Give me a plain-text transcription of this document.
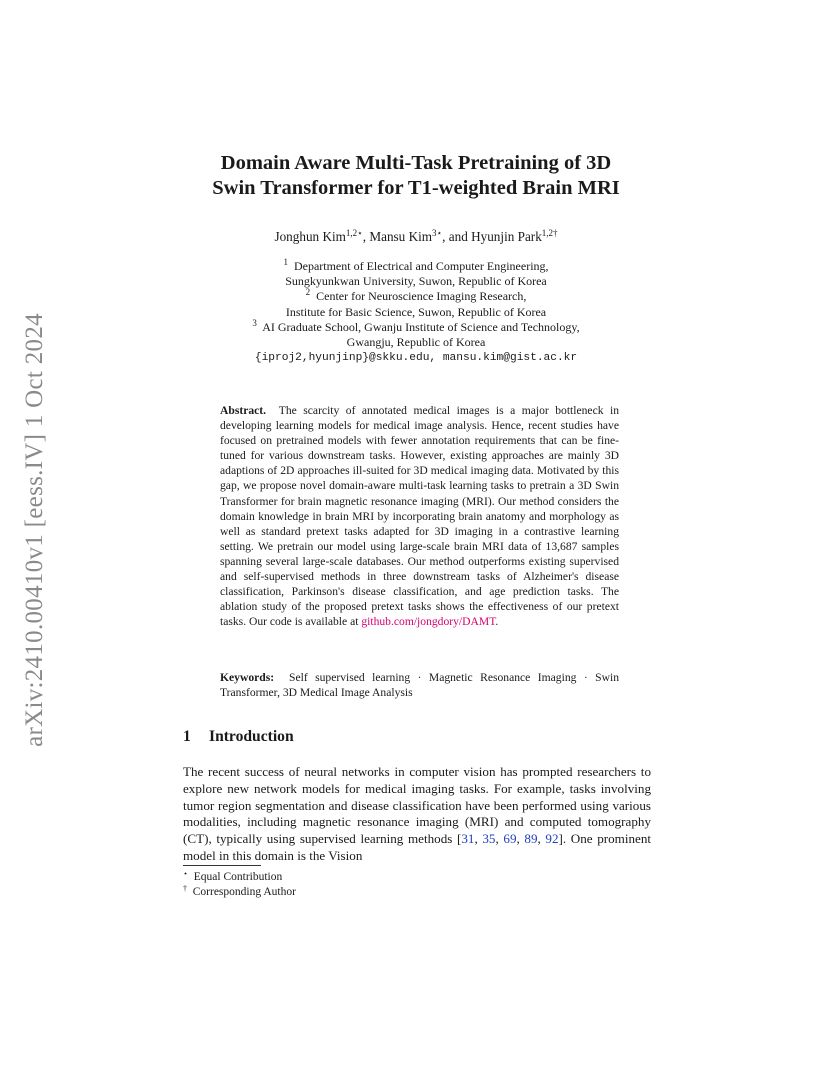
arXiv:2410.00410v1 [eess.IV] 1 Oct 2024
Domain Aware Multi-Task Pretraining of 3D
Swin Transformer for T1-weighted Brain MRI
Jonghun Kim$^{1,2⋆}$, Mansu Kim$^{3⋆}$, and Hyunjin Park$^{1,2\dagger}$
$^1$ Department of Electrical and Computer Engineering,
Sungkyunkwan University, Suwon, Republic of Korea
$^2$ Center for Neuroscience Imaging Research,
Institute for Basic Science, Suwon, Republic of Korea
$^3$ AI Graduate School, Gwanju Institute of Science and Technology,
Gwangju, Republic of Korea
{iproj2,hyunjinp}@skku.edu, mansu.kim@gist.ac.kr
Abstract. The scarcity of annotated medical images is a major bottleneck in developing learning models for medical image analysis. Hence, recent studies have focused on pretrained models with fewer annotation requirements that can be fine-tuned for various downstream tasks. However, existing approaches are mainly 3D adaptions of 2D approaches ill-suited for 3D medical imaging data. Motivated by this gap, we propose novel domain-aware multi-task learning tasks to pretrain a 3D Swin Transformer for brain magnetic resonance imaging (MRI). Our method considers the domain knowledge in brain MRI by incorporating brain anatomy and morphology as well as standard pretext tasks adapted for 3D imaging in a contrastive learning setting. We pretrain our model using large-scale brain MRI data of 13,687 samples spanning several large-scale databases. Our method outperforms existing supervised and self-supervised methods in three downstream tasks of Alzheimer's disease classification, Parkinson's disease classification, and age prediction tasks. The ablation study of the proposed pretext tasks shows the effectiveness of our pretext tasks. Our code is available at github.com/jongdory/DAMT.
Keywords: Self supervised learning · Magnetic Resonance Imaging · Swin Transformer, 3D Medical Image Analysis
1 Introduction

The recent success of neural networks in computer vision has prompted researchers to explore new network models for medical imaging tasks. For example, tasks involving tumor region segmentation and disease classification have been performed using various modalities, including magnetic resonance imaging (MRI) and computed tomography (CT), typically using supervised learning methods [31, 35, 69, 89, 92]. One prominent model in this domain is the Vision

⋆ Equal Contribution
† Corresponding Author
